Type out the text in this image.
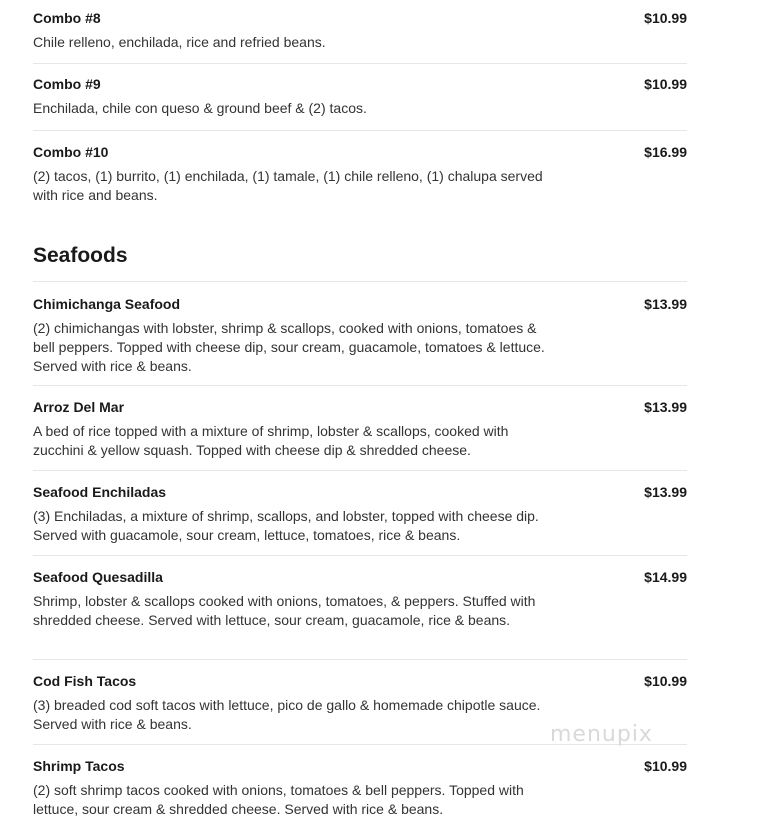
Combo #8	$10.99
Chile relleno, enchilada, rice and refried beans.
Combo #9	$10.99
Enchilada, chile con queso & ground beef & (2) tacos.
Combo #10	$16.99
(2) tacos, (1) burrito, (1) enchilada, (1) tamale, (1) chile relleno, (1) chalupa served with rice and beans.
Seafoods
Chimichanga Seafood	$13.99
(2) chimichangas with lobster, shrimp & scallops, cooked with onions, tomatoes & bell peppers. Topped with cheese dip, sour cream, guacamole, tomatoes & lettuce. Served with rice & beans.
Arroz Del Mar	$13.99
A bed of rice topped with a mixture of shrimp, lobster & scallops, cooked with zucchini & yellow squash. Topped with cheese dip & shredded cheese.
Seafood Enchiladas	$13.99
(3) Enchiladas, a mixture of shrimp, scallops, and lobster, topped with cheese dip. Served with guacamole, sour cream, lettuce, tomatoes, rice & beans.
Seafood Quesadilla	$14.99
Shrimp, lobster & scallops cooked with onions, tomatoes, & peppers. Stuffed with shredded cheese. Served with lettuce, sour cream, guacamole, rice & beans.
Cod Fish Tacos	$10.99
(3) breaded cod soft tacos with lettuce, pico de gallo & homemade chipotle sauce. Served with rice & beans.
Shrimp Tacos	$10.99
(2) soft shrimp tacos cooked with onions, tomatoes & bell peppers. Topped with lettuce, sour cream & shredded cheese. Served with rice & beans.
menupix
